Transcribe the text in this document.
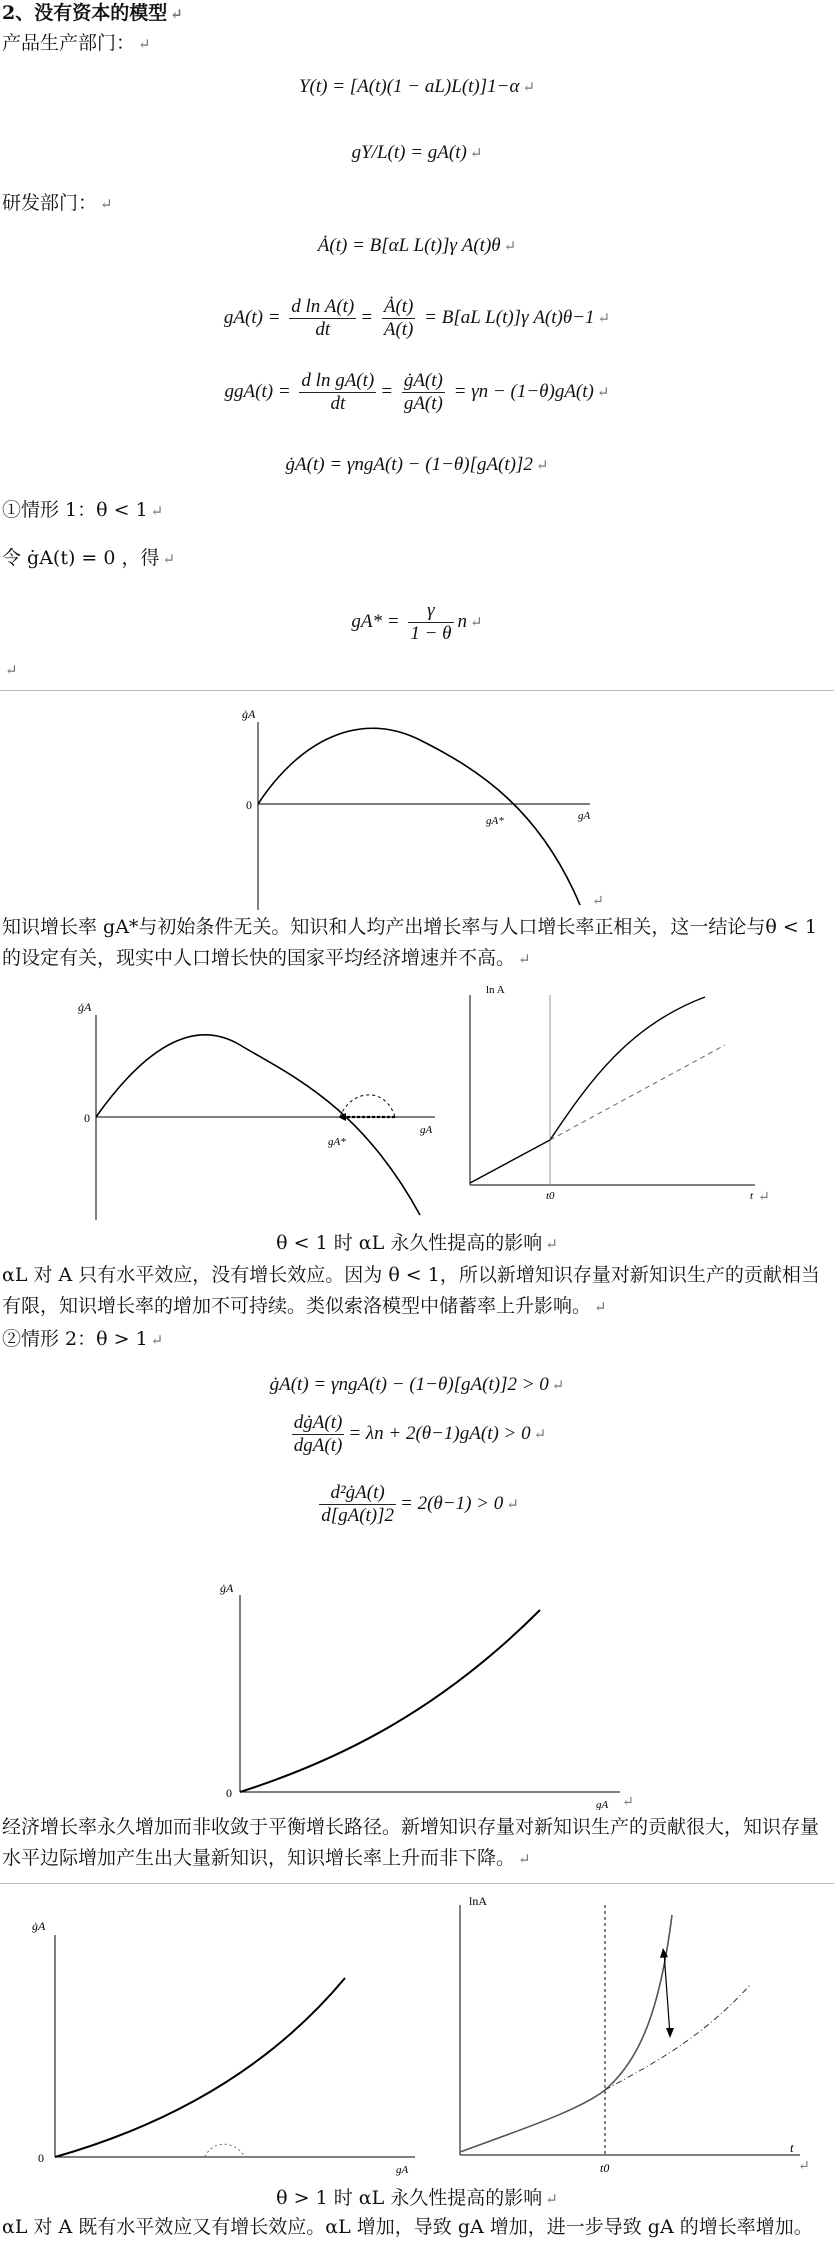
2、没有资本的模型 ↵
产品生产部门： ↵
Y(t) = [A(t)(1 − aL)L(t)]1−α ↵
gY/L(t) = gA(t) ↵
研发部门： ↵
Ȧ(t) = B[αL L(t)]γ A(t)θ ↵
$gA(t) = \frac{\text{d ln A(t)}}{dt} = \frac{Ȧ(t)}{A(t)} = B[aL$ L(t)]γ A(t)θ−1 ↵
$ggA(t) = \frac{\text{d ln gA(t)}}{dt} = \frac{ġA(t)}{gA(t)} = \gamma n - (1-\theta)gA(t)$ ↵
ġA(t) = γngA(t) − (1−θ)[gA(t)]2 ↵
①情形 1：θ < 1 ↵
令 ġA(t) = 0 ，得 ↵
$gA* = \frac{\gamma}{1 - \theta}$ n ↵
↵
ġA
0
gA
gA*
↵
知识增长率 gA*与初始条件无关。知识和人均产出增长率与人口增长率正相关，这一结论与θ < 1 的设定有关，现实中人口增长快的国家平均经济增速并不高。 ↵
ġA
0
gA
gA*
ln A
t0	t ↵
θ < 1 时 αL 永久性提高的影响 ↵
αL 对 A 只有水平效应，没有增长效应。因为 θ < 1，所以新增知识存量对新知识生产的贡献相当有限，知识增长率的增加不可持续。类似索洛模型中储蓄率上升影响。 ↵
②情形 2：θ > 1 ↵
ġA(t) = γngA(t) − (1−θ)[gA(t)]2 > 0 ↵
$\frac{\text{dġA(t)}}{\text{dgA(t)}} = \lambda n + 2(\theta-1)gA(t) > 0$ ↵
$\frac{\text{d²ġA(t)}}{d[gA(t)]2} = 2(\theta-1) > 0$ ↵
ġA
0
gA ↵
经济增长率永久增加而非收敛于平衡增长路径。新增知识存量对新知识生产的贡献很大，知识存量水平边际增加产生出大量新知识，知识增长率上升而非下降。 ↵
ġA
0
gA
lnA
t0
t
↵
θ > 1 时 αL 永久性提高的影响 ↵
αL 对 A 既有水平效应又有增长效应。αL 增加，导致 gA 增加，进一步导致 gA 的增长率增加。
